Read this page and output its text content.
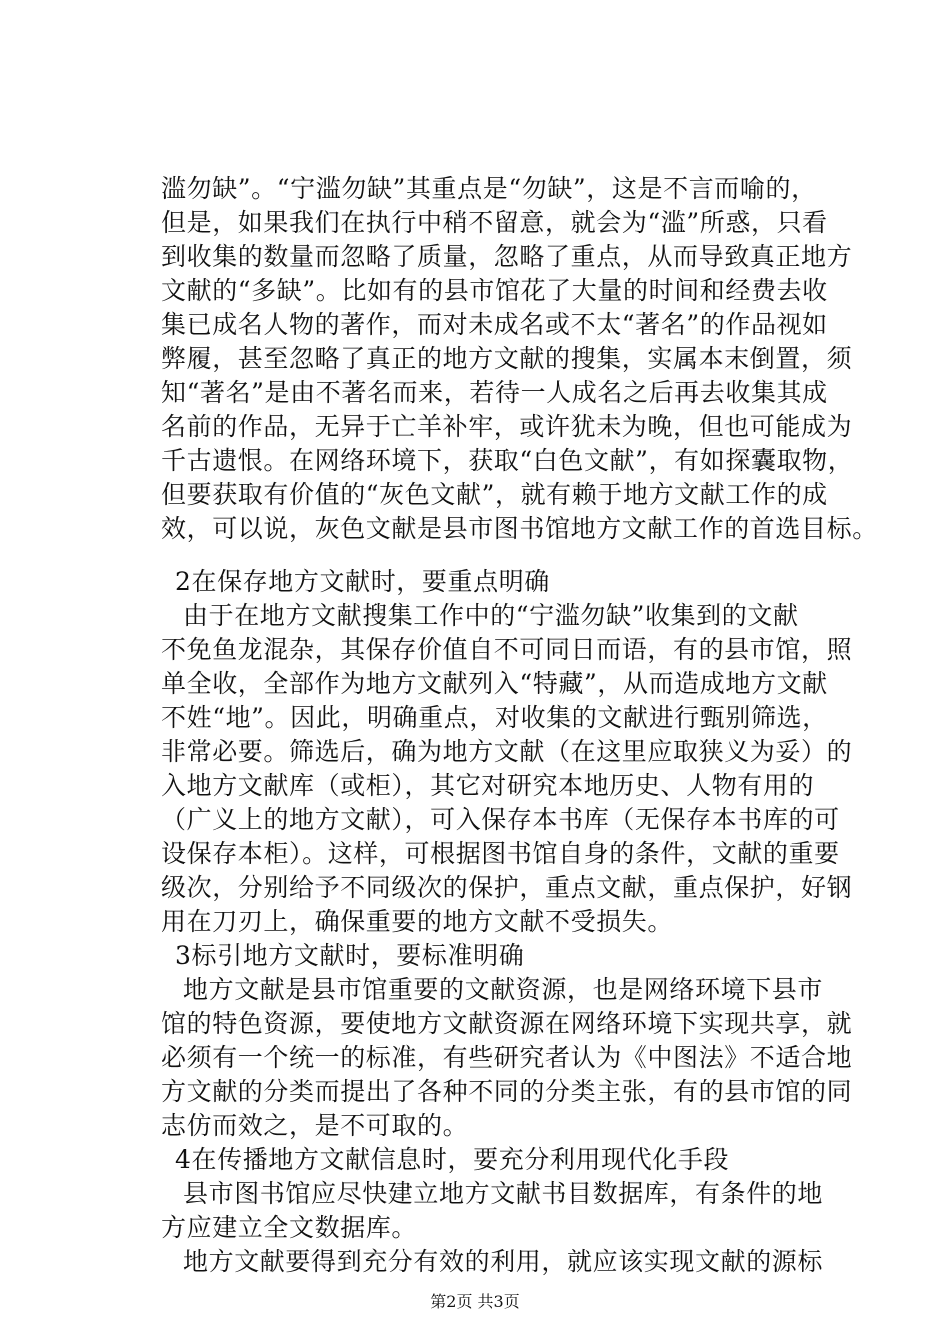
滥勿缺”。“宁滥勿缺”其重点是“勿缺”，这是不言而喻的，
但是，如果我们在执行中稍不留意，就会为“滥”所惑，只看
到收集的数量而忽略了质量，忽略了重点，从而导致真正地方
文献的“多缺”。比如有的县市馆花了大量的时间和经费去收
集已成名人物的著作，而对未成名或不太“著名”的作品视如
弊履，甚至忽略了真正的地方文献的搜集，实属本末倒置，须
知“著名”是由不著名而来，若待一人成名之后再去收集其成
名前的作品，无异于亡羊补牢，或许犹未为晚，但也可能成为
千古遗恨。在网络环境下，获取“白色文献”，有如探囊取物，
但要获取有价值的“灰色文献”，就有赖于地方文献工作的成
效，可以说，灰色文献是县市图书馆地方文献工作的首选目标。
2在保存地方文献时，要重点明确
由于在地方文献搜集工作中的“宁滥勿缺”收集到的文献
不免鱼龙混杂，其保存价值自不可同日而语，有的县市馆，照
单全收，全部作为地方文献列入“特藏”，从而造成地方文献
不姓“地”。因此，明确重点，对收集的文献进行甄别筛选，
非常必要。筛选后，确为地方文献（在这里应取狭义为妥）的
入地方文献库（或柜），其它对研究本地历史、人物有用的
（广义上的地方文献），可入保存本书库（无保存本书库的可
设保存本柜）。这样，可根据图书馆自身的条件，文献的重要
级次，分别给予不同级次的保护，重点文献，重点保护，好钢
用在刀刃上，确保重要的地方文献不受损失。
3标引地方文献时，要标准明确
地方文献是县市馆重要的文献资源，也是网络环境下县市
馆的特色资源，要使地方文献资源在网络环境下实现共享，就
必须有一个统一的标准，有些研究者认为《中图法》不适合地
方文献的分类而提出了各种不同的分类主张，有的县市馆的同
志仿而效之，是不可取的。
4在传播地方文献信息时，要充分利用现代化手段
县市图书馆应尽快建立地方文献书目数据库，有条件的地
方应建立全文数据库。
地方文献要得到充分有效的利用，就应该实现文献的源标
第2页 共3页
